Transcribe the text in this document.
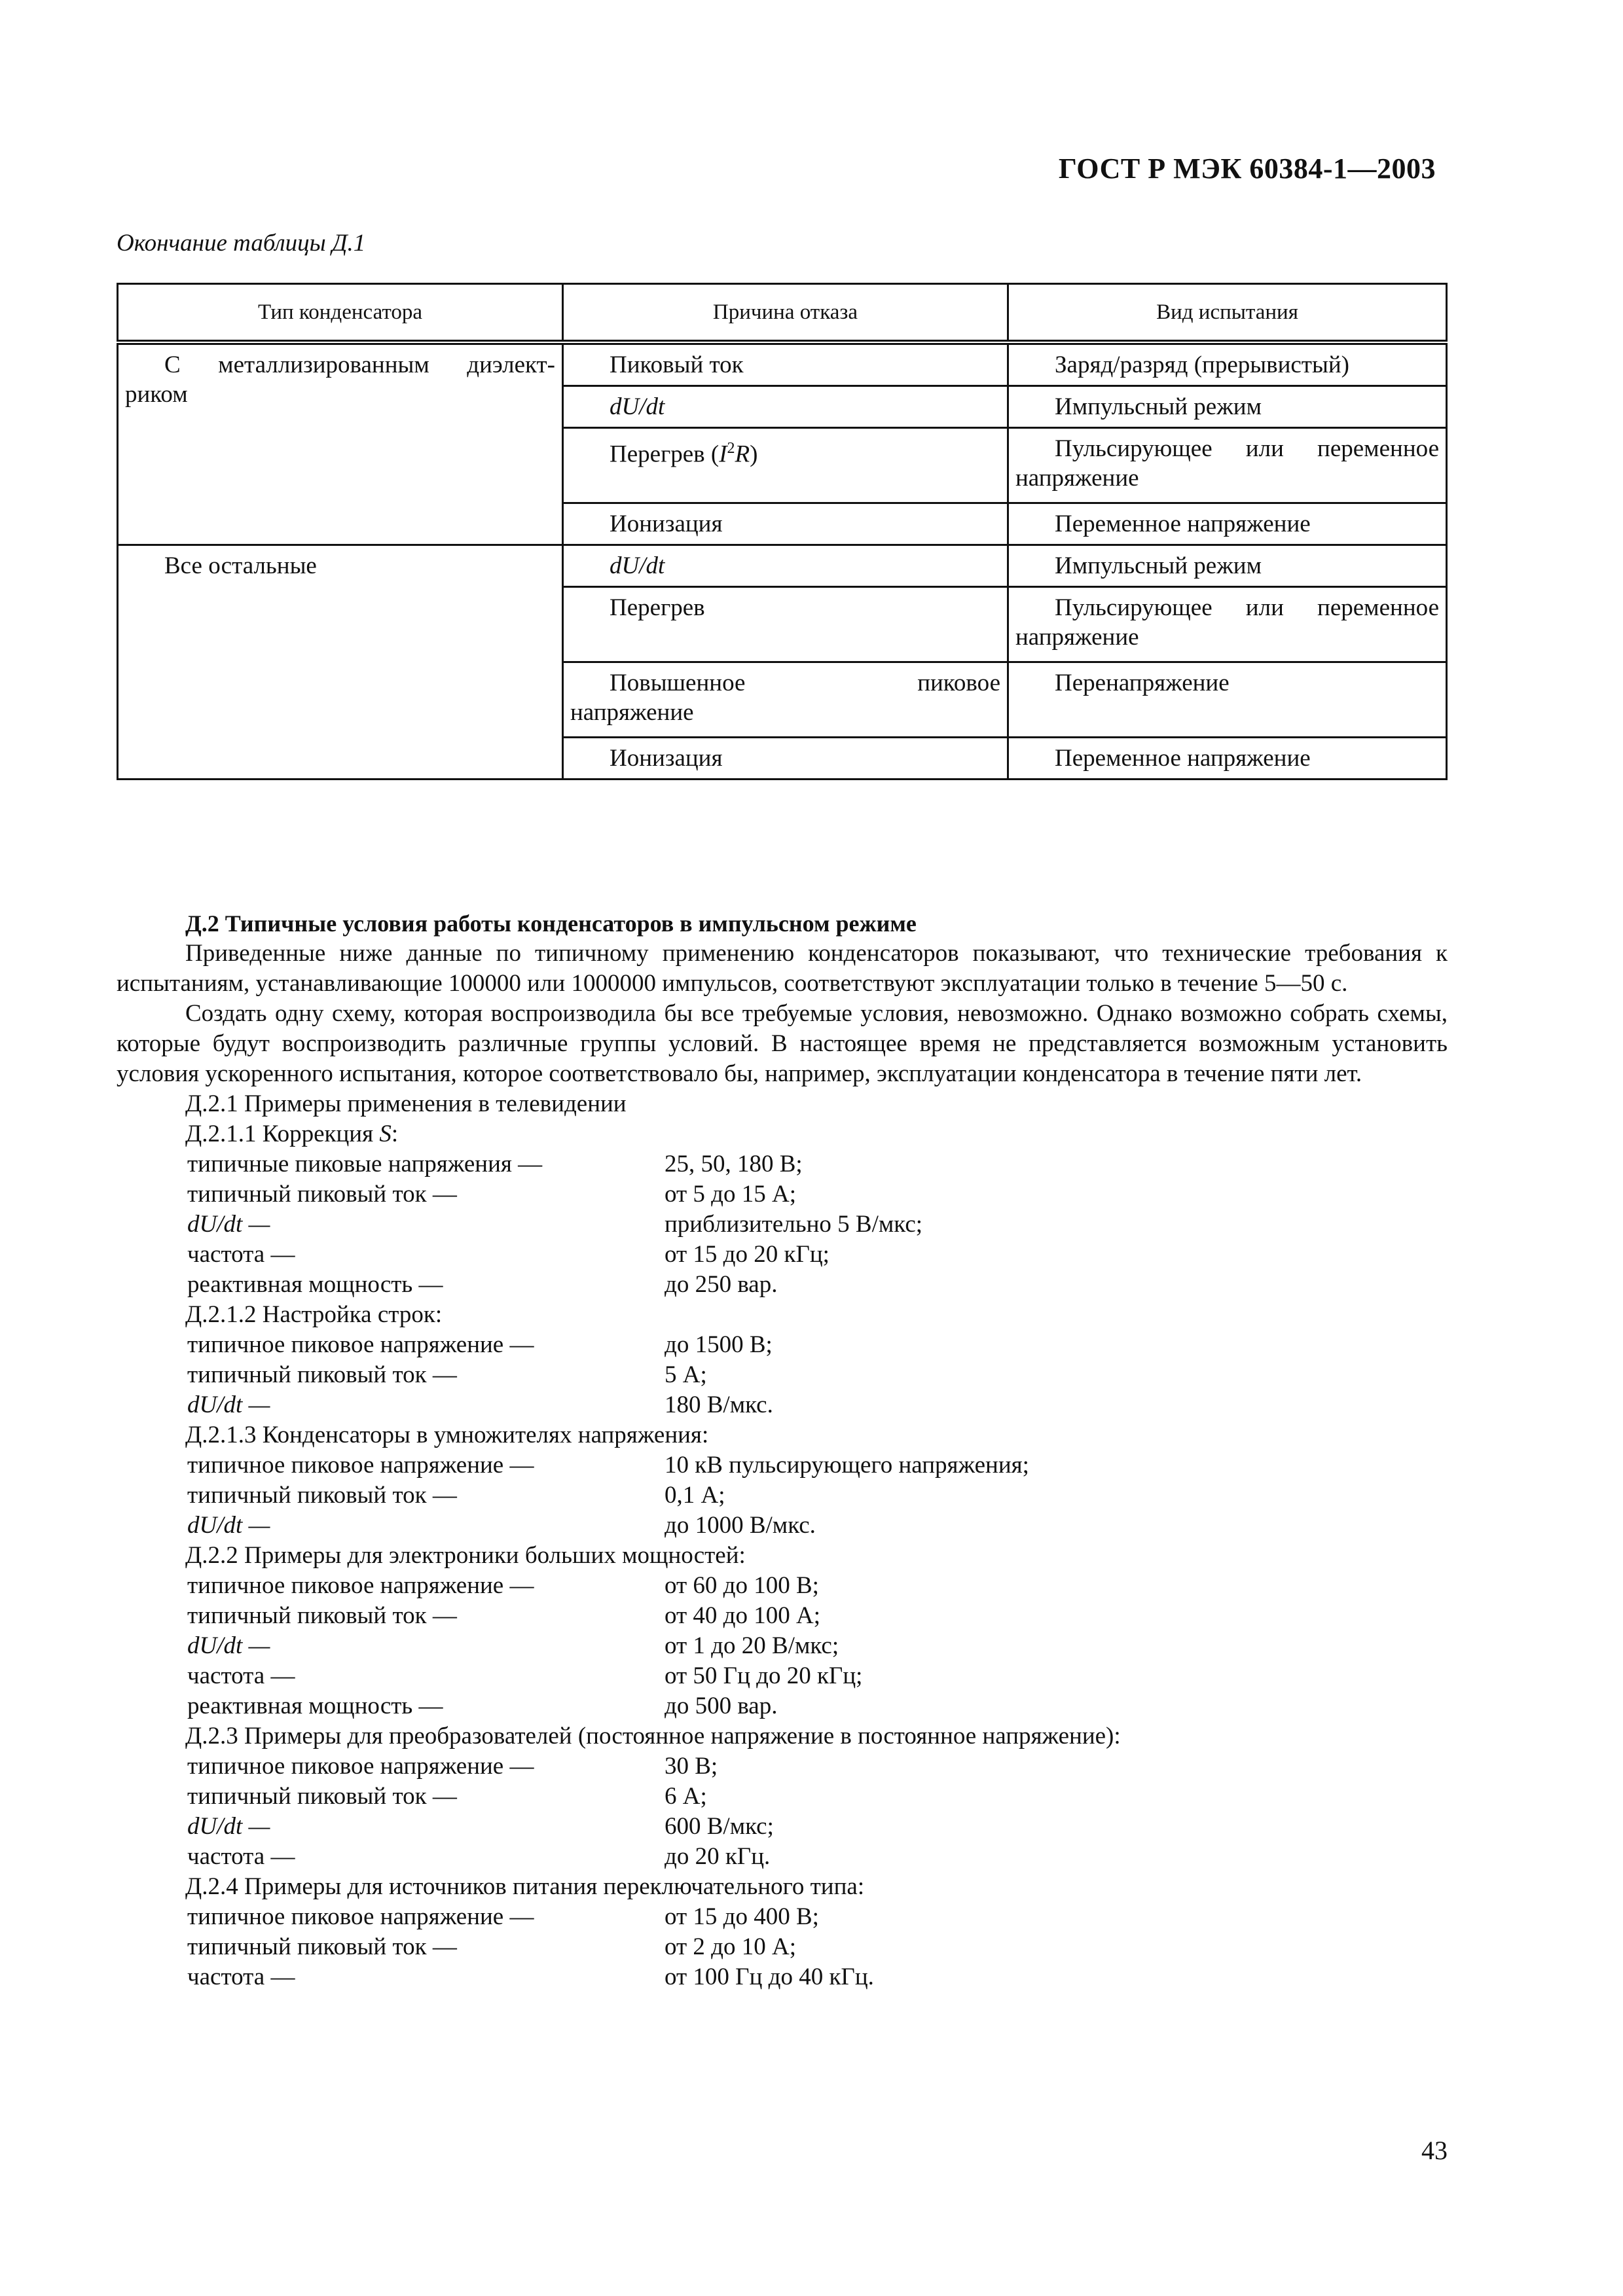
ГОСТ Р МЭК 60384-1—2003
Окончание таблицы Д.1
Тип конденсатора	Причина отказа	Вид испытания

С металлизированным диэлект-
риком	Пиковый ток	Заряд/разряд (прерывистый)
	dU/dt	Импульсный режим
	Перегрев $(I^2R)$	Пульсирующее или переменное
напряжение

	Ионизация	Переменное напряжение
Все остальные	dU/dt	Импульсный режим
	Перегрев	Пульсирующее или переменное
напряжение

	Повышенное пиковое
напряжение	Перенапряжение
	Ионизация	Переменное напряжение
Д.2 Типичные условия работы конденсаторов в импульсном режиме

Приведенные ниже данные по типичному применению конденсаторов показывают, что технические требования к испытаниям, устанавливающие 100000 или 1000000 импульсов, соответствуют эксплуатации только в течение 5—50 с.

Создать одну схему, которая воспроизводила бы все требуемые условия, невозможно. Однако возможно собрать схемы, которые будут воспроизводить различные группы условий. В настоящее время не представляется возможным установить условия ускоренного испытания, которое соответствовало бы, например, эксплуатации конденсатора в течение пяти лет.

Д.2.1 Примеры применения в телевидении

Д.2.1.1 Коррекция S:

типичные пиковые напряжения —	25, 50, 180 В;
типичный пиковый ток —	от 5 до 15 А;
dU/dt —	приблизительно 5 В/мкс;
частота —	от 15 до 20 кГц;
реактивная мощность —	до 250 вар.

Д.2.1.2 Настройка строк:

типичное пиковое напряжение —	до 1500 В;
типичный пиковый ток —	5 А;
dU/dt —	180 В/мкс.

Д.2.1.3 Конденсаторы в умножителях напряжения:

типичное пиковое напряжение —	10 кВ пульсирующего напряжения;
типичный пиковый ток —	0,1 А;
dU/dt —	до 1000 В/мкс.

Д.2.2 Примеры для электроники больших мощностей:

типичное пиковое напряжение —	от 60 до 100 В;
типичный пиковый ток —	от 40 до 100 А;
dU/dt —	от 1 до 20 В/мкс;
частота —	от 50 Гц до 20 кГц;
реактивная мощность —	до 500 вар.

Д.2.3 Примеры для преобразователей (постоянное напряжение в постоянное напряжение):

типичное пиковое напряжение —	30 В;
типичный пиковый ток —	6 А;
dU/dt —	600 В/мкс;
частота —	до 20 кГц.

Д.2.4 Примеры для источников питания переключательного типа:

типичное пиковое напряжение —	от 15 до 400 В;
типичный пиковый ток —	от 2 до 10 А;
частота —	от 100 Гц до 40 кГц.
43
